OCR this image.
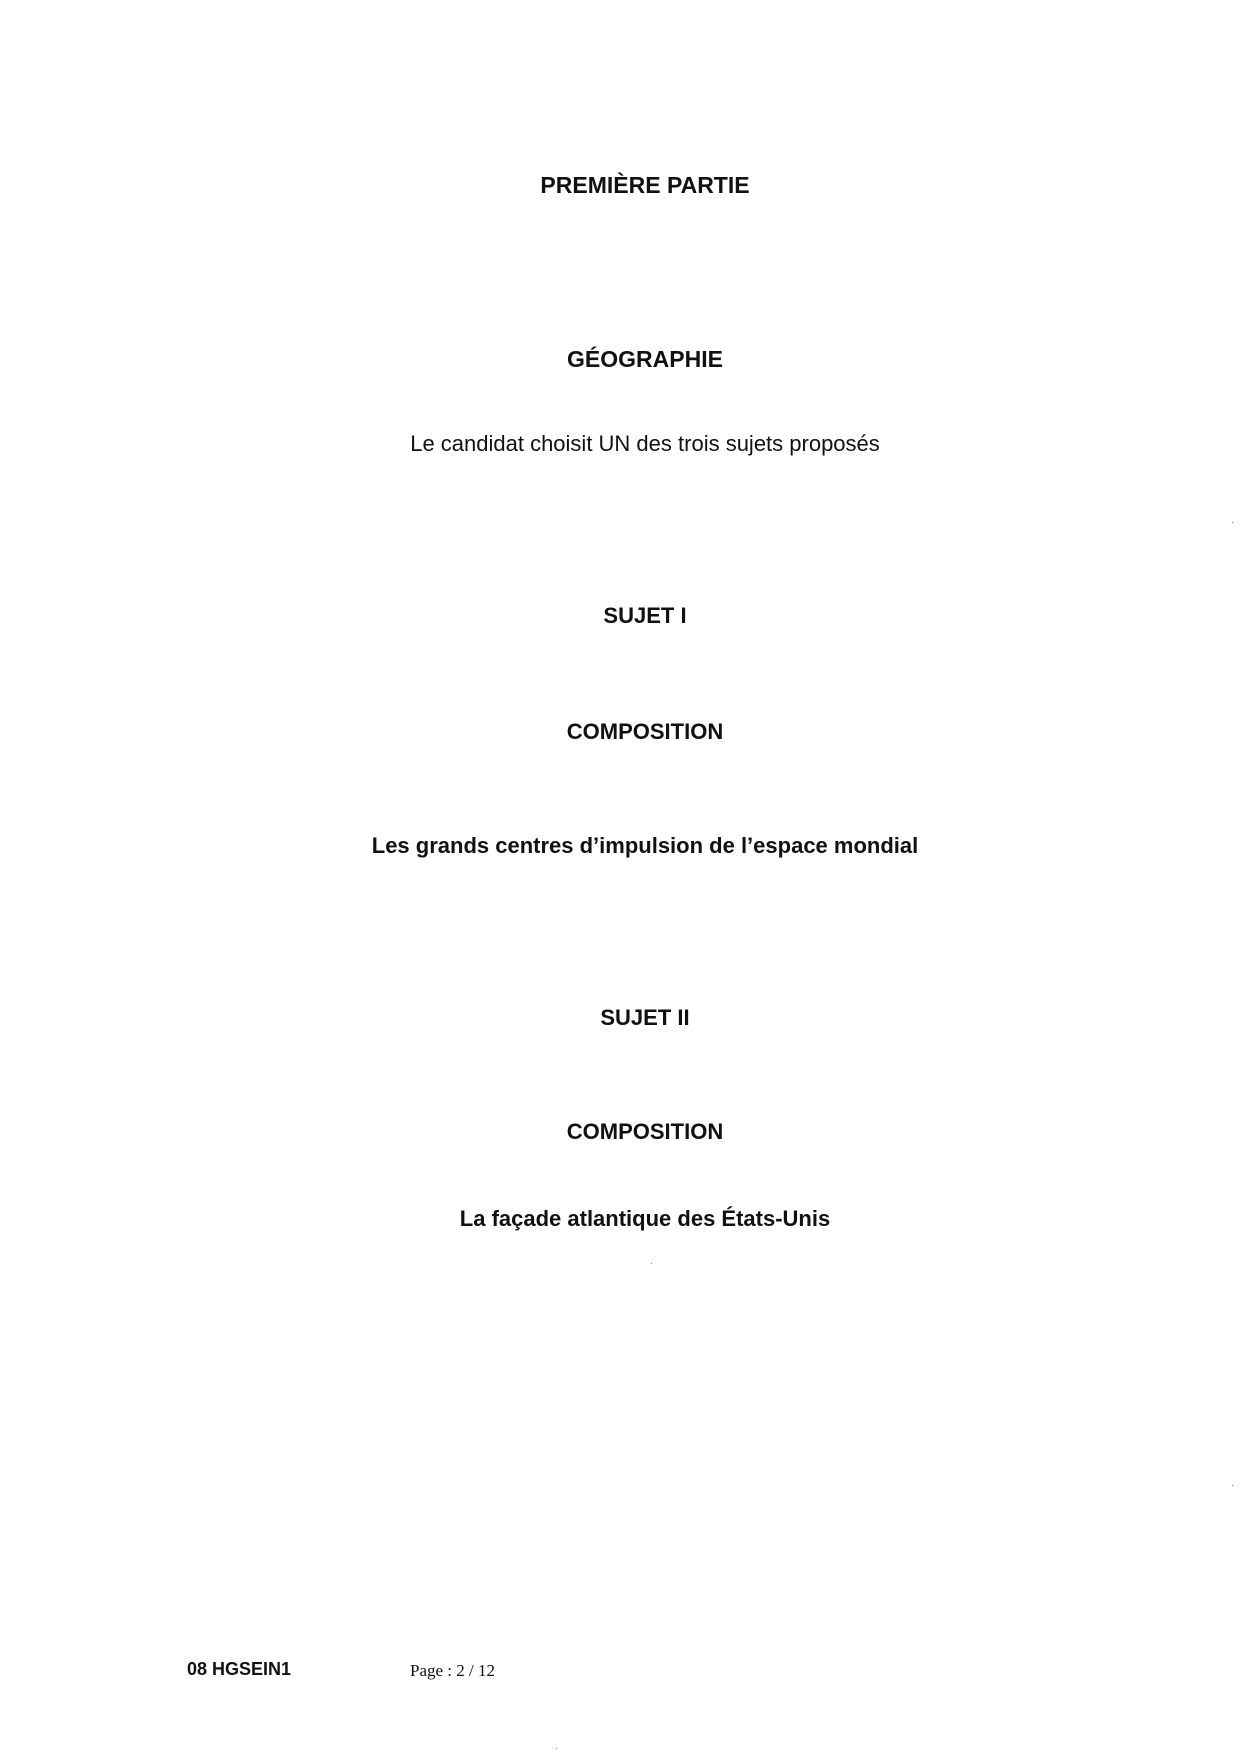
PREMIÈRE PARTIE
GÉOGRAPHIE
Le candidat choisit UN des trois sujets proposés
SUJET I
COMPOSITION
Les grands centres d’impulsion de l’espace mondial
SUJET II
COMPOSITION
La façade atlantique des États-Unis
08 HGSEIN1	Page : 2 / 12
